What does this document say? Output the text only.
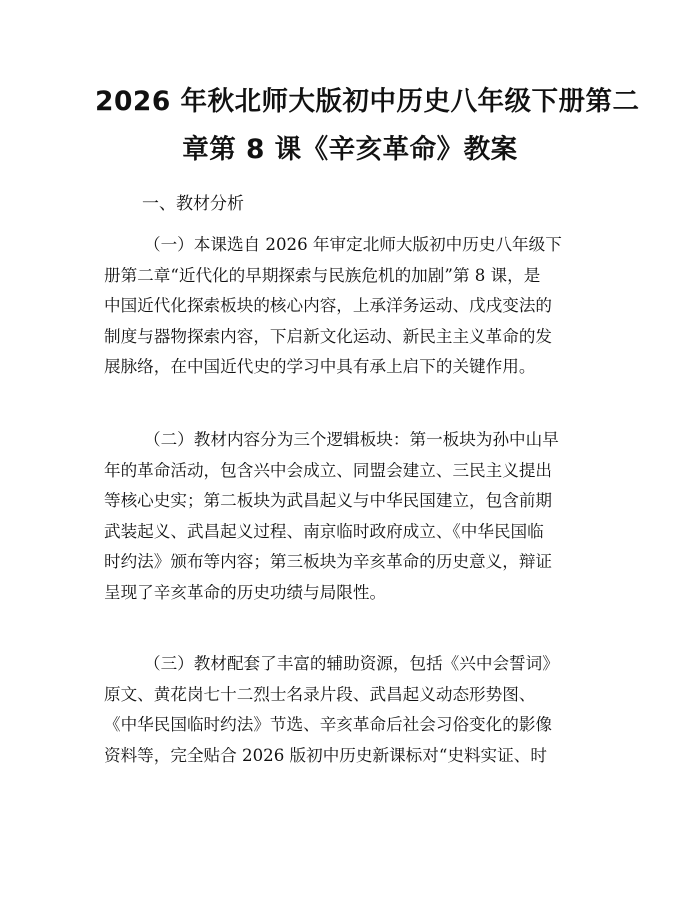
2026 年秋北师大版初中历史八年级下册第二
章第 8 课《辛亥革命》教案
一、教材分析

（一）本课选自 2026 年审定北师大版初中历史八年级下
册第二章“近代化的早期探索与民族危机的加剧”第 8 课，是
中国近代化探索板块的核心内容，上承洋务运动、戊戌变法的
制度与器物探索内容，下启新文化运动、新民主主义革命的发
展脉络，在中国近代史的学习中具有承上启下的关键作用。

（二）教材内容分为三个逻辑板块：第一板块为孙中山早
年的革命活动，包含兴中会成立、同盟会建立、三民主义提出
等核心史实；第二板块为武昌起义与中华民国建立，包含前期
武装起义、武昌起义过程、南京临时政府成立、《中华民国临
时约法》颁布等内容；第三板块为辛亥革命的历史意义，辩证
呈现了辛亥革命的历史功绩与局限性。

（三）教材配套了丰富的辅助资源，包括《兴中会誓词》
原文、黄花岗七十二烈士名录片段、武昌起义动态形势图、
《中华民国临时约法》节选、辛亥革命后社会习俗变化的影像
资料等，完全贴合 2026 版初中历史新课标对“史料实证、时
